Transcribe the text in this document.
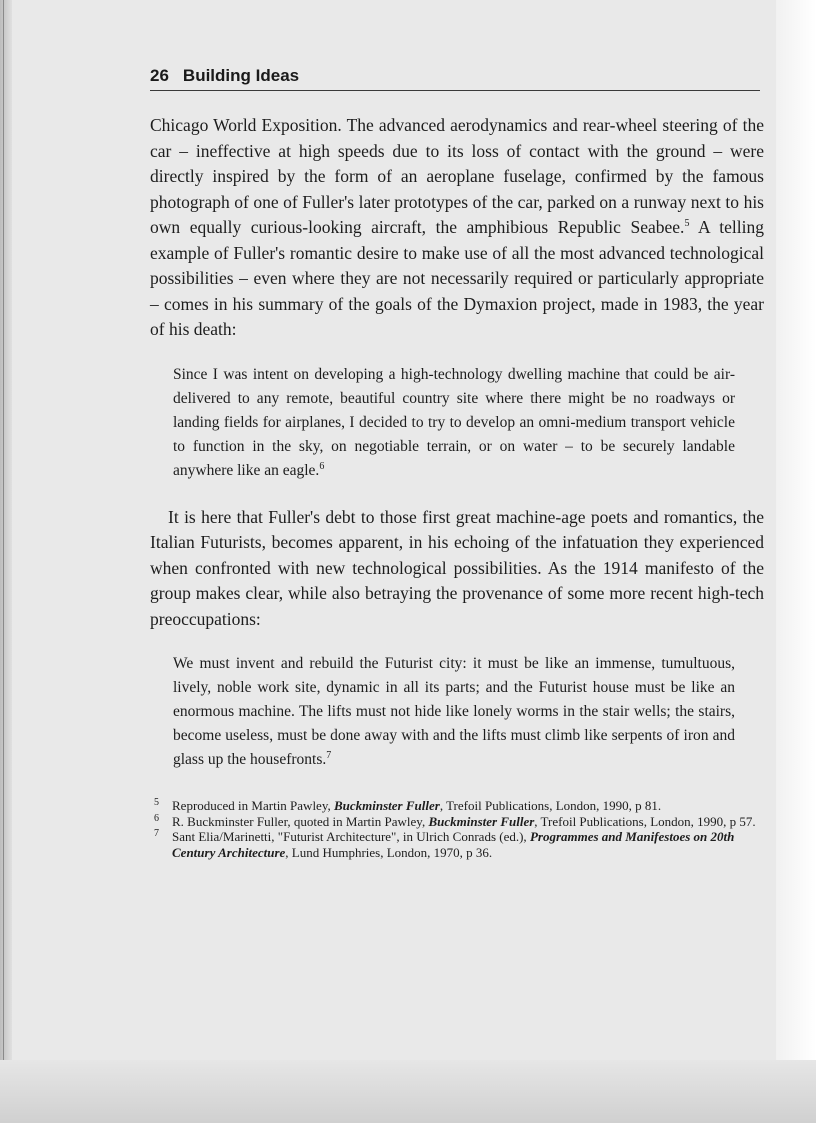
26 Building Ideas

Chicago World Exposition. The advanced aerodynamics and rear-wheel steering of the car – ineffective at high speeds due to its loss of contact with the ground – were directly inspired by the form of an aeroplane fuselage, confirmed by the famous photograph of one of Fuller's later prototypes of the car, parked on a runway next to his own equally curious-looking aircraft, the amphibious Republic Seabee.$^5$ A telling example of Fuller's romantic desire to make use of all the most advanced technological possibilities – even where they are not necessarily required or particularly appropriate – comes in his summary of the goals of the Dymaxion project, made in 1983, the year of his death:

Since I was intent on developing a high-technology dwelling machine that could be air-delivered to any remote, beautiful country site where there might be no roadways or landing fields for airplanes, I decided to try to develop an omni-medium transport vehicle to function in the sky, on negotiable terrain, or on water – to be securely landable anywhere like an eagle.$^6$

It is here that Fuller's debt to those first great machine-age poets and romantics, the Italian Futurists, becomes apparent, in his echoing of the infatuation they experienced when confronted with new technological possibilities. As the 1914 manifesto of the group makes clear, while also betraying the provenance of some more recent high-tech preoccupations:

We must invent and rebuild the Futurist city: it must be like an immense, tumultuous, lively, noble work site, dynamic in all its parts; and the Futurist house must be like an enormous machine. The lifts must not hide like lonely worms in the stair wells; the stairs, become useless, must be done away with and the lifts must climb like serpents of iron and glass up the housefronts.$^7$
5 Reproduced in Martin Pawley, Buckminster Fuller, Trefoil Publications, London, 1990, p 81.
6 R. Buckminster Fuller, quoted in Martin Pawley, Buckminster Fuller, Trefoil Publications, London, 1990, p 57.
7 Sant Elia/Marinetti, "Futurist Architecture", in Ulrich Conrads (ed.), Programmes and Manifestoes on 20th Century Architecture, Lund Humphries, London, 1970, p 36.
